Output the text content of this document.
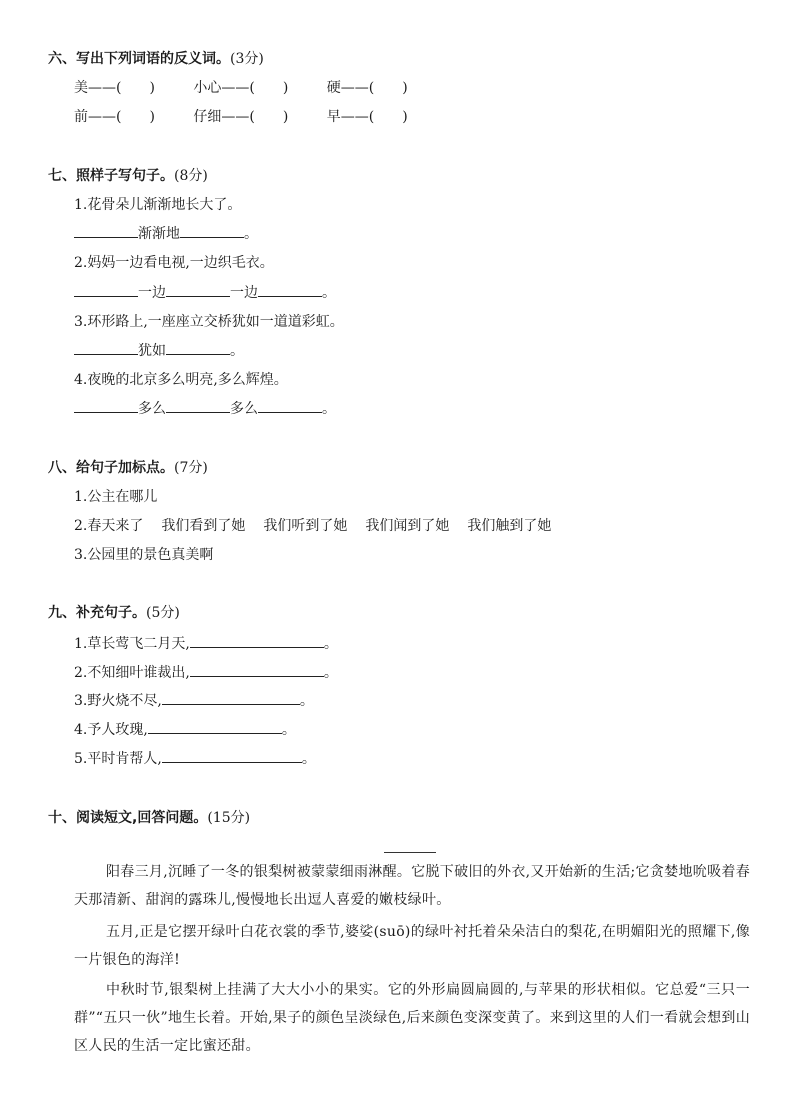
六、写出下列词语的反义词。(3分)
美——(　　)	小心——(　　)	硬——(　　)
前——(　　)	仔细——(　　)	早——(　　)
七、照样子写句子。(8分)
1.花骨朵儿渐渐地长大了。
渐渐地	。
2.妈妈一边看电视,一边织毛衣。
一边	一边	。
3.环形路上,一座座立交桥犹如一道道彩虹。
犹如	。
4.夜晚的北京多么明亮,多么辉煌。
多么	多么	。
八、给句子加标点。(7分)
1.公主在哪儿
2.春天来了 我们看到了她 我们听到了她 我们闻到了她 我们触到了她
3.公园里的景色真美啊
九、补充句子。(5分)
1.草长莺飞二月天,	。
2.不知细叶谁裁出,	。
3.野火烧不尽,	。
4.予人玫瑰,	。
5.平时肯帮人,	。
十、阅读短文,回答问题。(15分)

阳春三月,沉睡了一冬的银梨树被蒙蒙细雨淋醒。它脱下破旧的外衣,又开始新的生活;它贪婪地吮吸着春天那清新、甜润的露珠儿,慢慢地长出逗人喜爱的嫩枝绿叶。

五月,正是它摆开绿叶白花衣裳的季节,婆娑(suō)的绿叶衬托着朵朵洁白的梨花,在明媚阳光的照耀下,像一片银色的海洋!

中秋时节,银梨树上挂满了大大小小的果实。它的外形扁圆扁圆的,与苹果的形状相似。它总爱“三只一群”“五只一伙”地生长着。开始,果子的颜色呈淡绿色,后来颜色变深变黄了。来到这里的人们一看就会想到山区人民的生活一定比蜜还甜。
